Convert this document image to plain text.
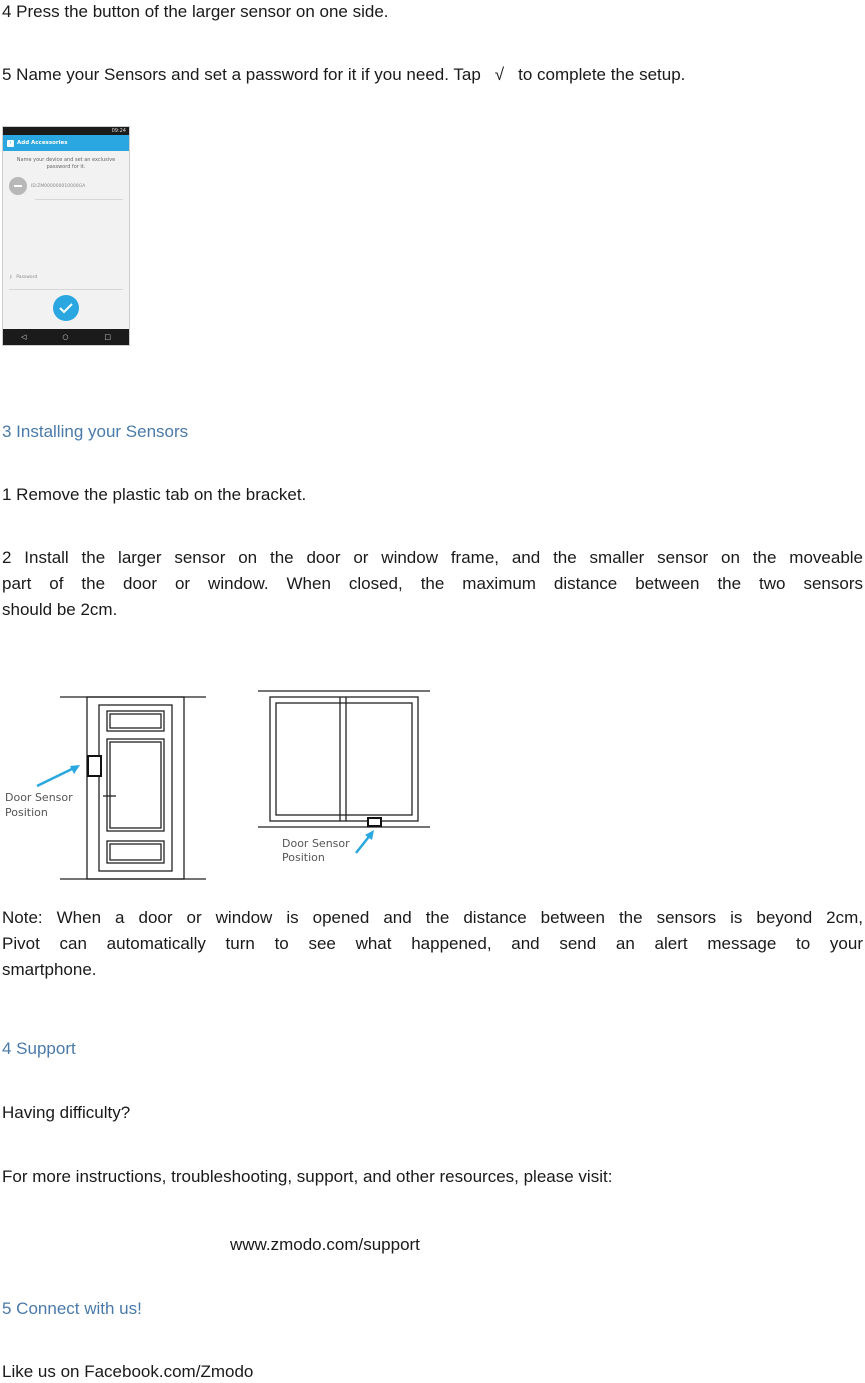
4 Press the button of the larger sensor on one side.
5 Name your Sensors and set a password for it if you need. Tap √ to complete the setup.
09:24
‹ Add Accessories
Name your device and set an exclusive password for it.
ID:ZM000000010000GA
⚷ Password
◁	○	□
3 Installing your Sensors
1 Remove the plastic tab on the bracket.
2 Install the larger sensor on the door or window frame, and the smaller sensor on the moveable
part of the door or window. When closed, the maximum distance between the two sensors
should be 2cm.
Door Sensor
Position
Door Sensor
Position
Note: When a door or window is opened and the distance between the sensors is beyond 2cm,
Pivot can automatically turn to see what happened, and send an alert message to your
smartphone.
4 Support
Having difficulty?
For more instructions, troubleshooting, support, and other resources, please visit:
www.zmodo.com/support
5 Connect with us!
Like us on Facebook.com/Zmodo
